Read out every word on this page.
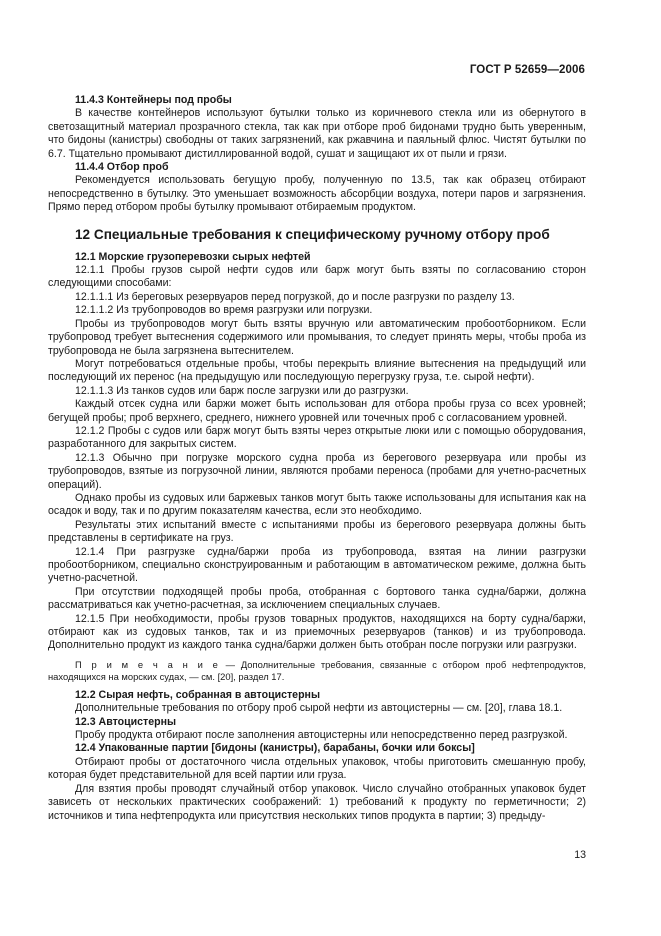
ГОСТ Р 52659—2006

11.4.3 Контейнеры под пробы

В качестве контейнеров используют бутылки только из коричневого стекла или из обернутого в светозащитный материал прозрачного стекла, так как при отборе проб бидонами трудно быть уверенным, что бидоны (канистры) свободны от таких загрязнений, как ржавчина и паяльный флюс. Чистят бутылки по 6.7. Тщательно промывают дистиллированной водой, сушат и защищают их от пыли и грязи.

11.4.4 Отбор проб

Рекомендуется использовать бегущую пробу, полученную по 13.5, так как образец отбирают непосредственно в бутылку. Это уменьшает возможность абсорбции воздуха, потери паров и загрязнения. Прямо перед отбором пробы бутылку промывают отбираемым продуктом.

12 Специальные требования к специфическому ручному отбору проб

12.1 Морские грузоперевозки сырых нефтей

12.1.1 Пробы грузов сырой нефти судов или барж могут быть взяты по согласованию сторон следующими способами:

12.1.1.1 Из береговых резервуаров перед погрузкой, до и после разгрузки по разделу 13.

12.1.1.2 Из трубопроводов во время разгрузки или погрузки.

Пробы из трубопроводов могут быть взяты вручную или автоматическим пробоотборником. Если трубопровод требует вытеснения содержимого или промывания, то следует принять меры, чтобы проба из трубопровода не была загрязнена вытеснителем.

Могут потребоваться отдельные пробы, чтобы перекрыть влияние вытеснения на предыдущий или последующий их перенос (на предыдущую или последующую перегрузку груза, т.е. сырой нефти).

12.1.1.3 Из танков судов или барж после загрузки или до разгрузки.

Каждый отсек судна или баржи может быть использован для отбора пробы груза со всех уровней; бегущей пробы; проб верхнего, среднего, нижнего уровней или точечных проб с согласованием уровней.

12.1.2 Пробы с судов или барж могут быть взяты через открытые люки или с помощью оборудования, разработанного для закрытых систем.

12.1.3 Обычно при погрузке морского судна проба из берегового резервуара или пробы из трубопроводов, взятые из погрузочной линии, являются пробами переноса (пробами для учетно-расчетных операций).

Однако пробы из судовых или баржевых танков могут быть также использованы для испытания как на осадок и воду, так и по другим показателям качества, если это необходимо.

Результаты этих испытаний вместе с испытаниями пробы из берегового резервуара должны быть представлены в сертификате на груз.

12.1.4 При разгрузке судна/баржи проба из трубопровода, взятая на линии разгрузки пробоотборником, специально сконструированным и работающим в автоматическом режиме, должна быть учетно-расчетной.

При отсутствии подходящей пробы проба, отобранная с бортового танка судна/баржи, должна рассматриваться как учетно-расчетная, за исключением специальных случаев.

12.1.5 При необходимости, пробы грузов товарных продуктов, находящихся на борту судна/баржи, отбирают как из судовых танков, так и из приемочных резервуаров (танков) и из трубопровода. Дополнительно продукт из каждого танка судна/баржи должен быть отобран после погрузки или разгрузки.

П р и м е ч а н и е — Дополнительные требования, связанные с отбором проб нефтепродуктов, находящихся на морских судах, — см. [20], раздел 17.

12.2 Сырая нефть, собранная в автоцистерны

Дополнительные требования по отбору проб сырой нефти из автоцистерны — см. [20], глава 18.1.

12.3 Автоцистерны

Пробу продукта отбирают после заполнения автоцистерны или непосредственно перед разгрузкой.

12.4 Упакованные партии [бидоны (канистры), барабаны, бочки или боксы]

Отбирают пробы от достаточного числа отдельных упаковок, чтобы приготовить смешанную пробу, которая будет представительной для всей партии или груза.

Для взятия пробы проводят случайный отбор упаковок. Число случайно отобранных упаковок будет зависеть от нескольких практических соображений: 1) требований к продукту по герметичности; 2) источников и типа нефтепродукта или присутствия нескольких типов продукта в партии; 3) предыду-

13
